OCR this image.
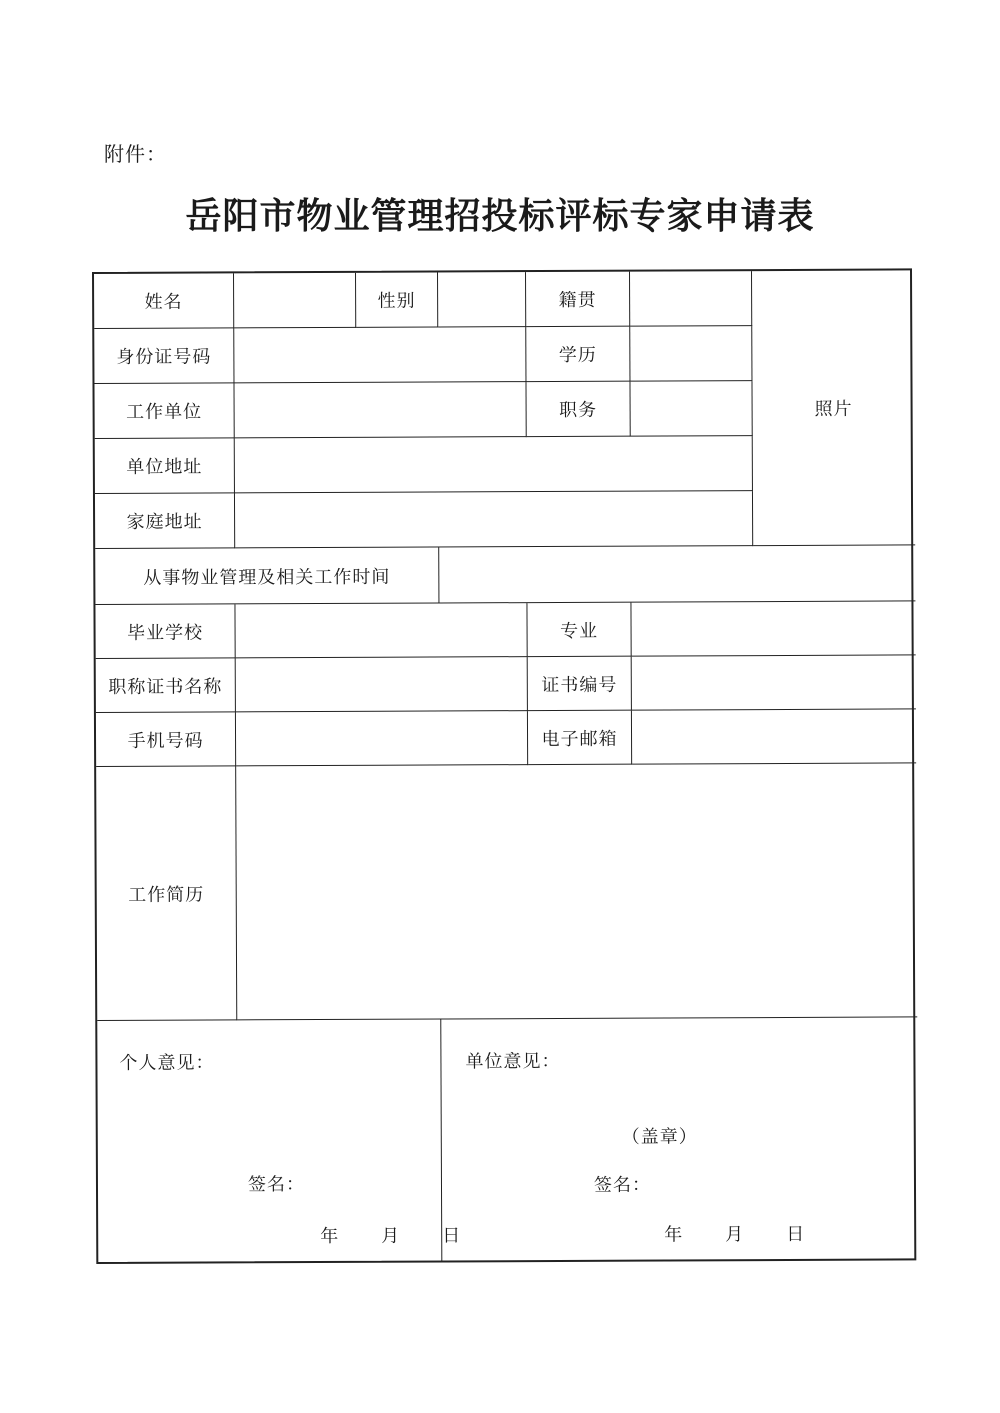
附件：
岳阳市物业管理招投标评标专家申请表
姓名	性别	籍贯
照片
身份证号码	学历
工作单位	职务
单位地址
家庭地址
从事物业管理及相关工作时间
毕业学校	专业
职称证书名称	证书编号
手机号码	电子邮箱
工作简历
个人意见：
签名：
年 月 日
单位意见：
（盖章）
签名：
年 月 日
